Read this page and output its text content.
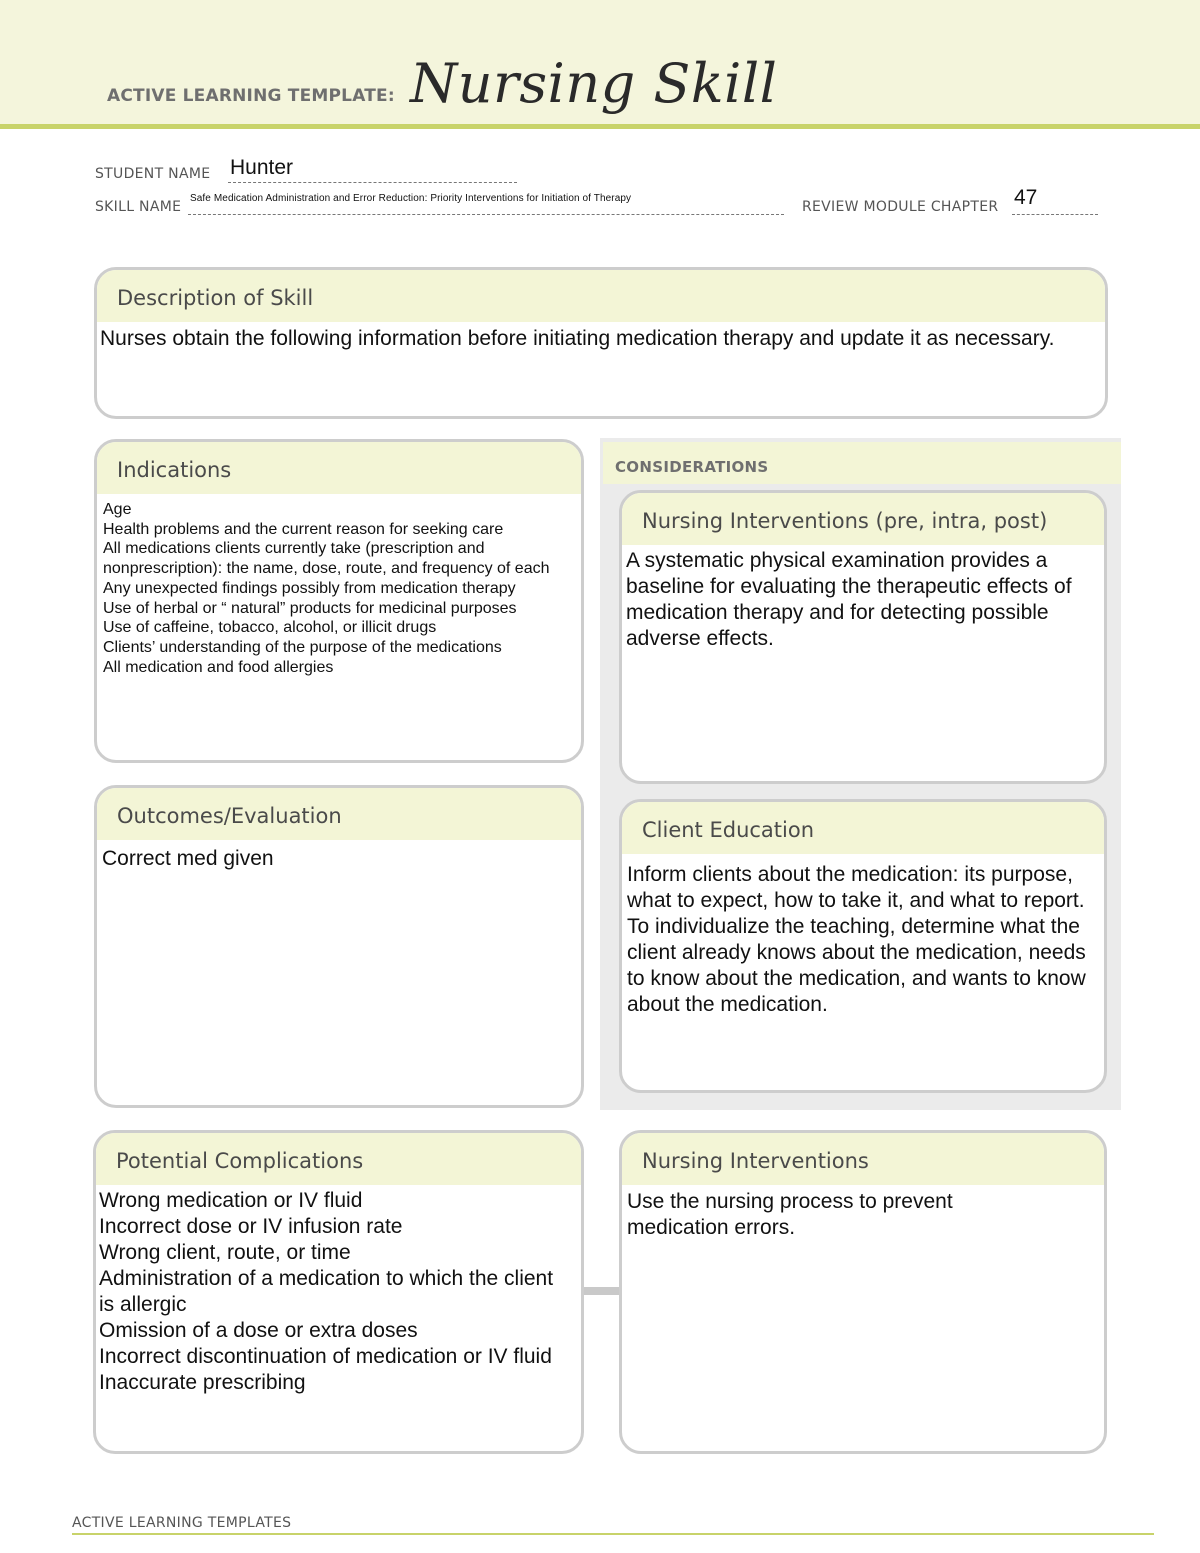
ACTIVE LEARNING TEMPLATE: Nursing Skill
STUDENT NAME Hunter
SKILL NAME
Safe Medication Administration and Error Reduction: Priority Interventions for Initiation of Therapy
REVIEW MODULE CHAPTER 47
Description of Skill
Nurses obtain the following information before initiating medication therapy and update it as necessary.
Indications
Age
Health problems and the current reason for seeking care
All medications clients currently take (prescription and nonprescription): the name, dose, route, and frequency of each
Any unexpected findings possibly from medication therapy
Use of herbal or “ natural” products for medicinal purposes
Use of caffeine, tobacco, alcohol, or illicit drugs
Clients’ understanding of the purpose of the medications
All medication and food allergies
CONSIDERATIONS
Nursing Interventions (pre, intra, post)
A systematic physical examination provides a baseline for evaluating the therapeutic effects of medication therapy and for detecting possible adverse effects.
Outcomes/Evaluation
Correct med given
Client Education
Inform clients about the medication: its purpose, what to expect, how to take it, and what to report. To individualize the teaching, determine what the client already knows about the medication, needs to know about the medication, and wants to know about the medication.
Potential Complications
Wrong medication or IV fluid
Incorrect dose or IV infusion rate
Wrong client, route, or time
Administration of a medication to which the client is allergic
Omission of a dose or extra doses
Incorrect discontinuation of medication or IV fluid
Inaccurate prescribing
Nursing Interventions
Use the nursing process to prevent medication errors.
ACTIVE LEARNING TEMPLATES
